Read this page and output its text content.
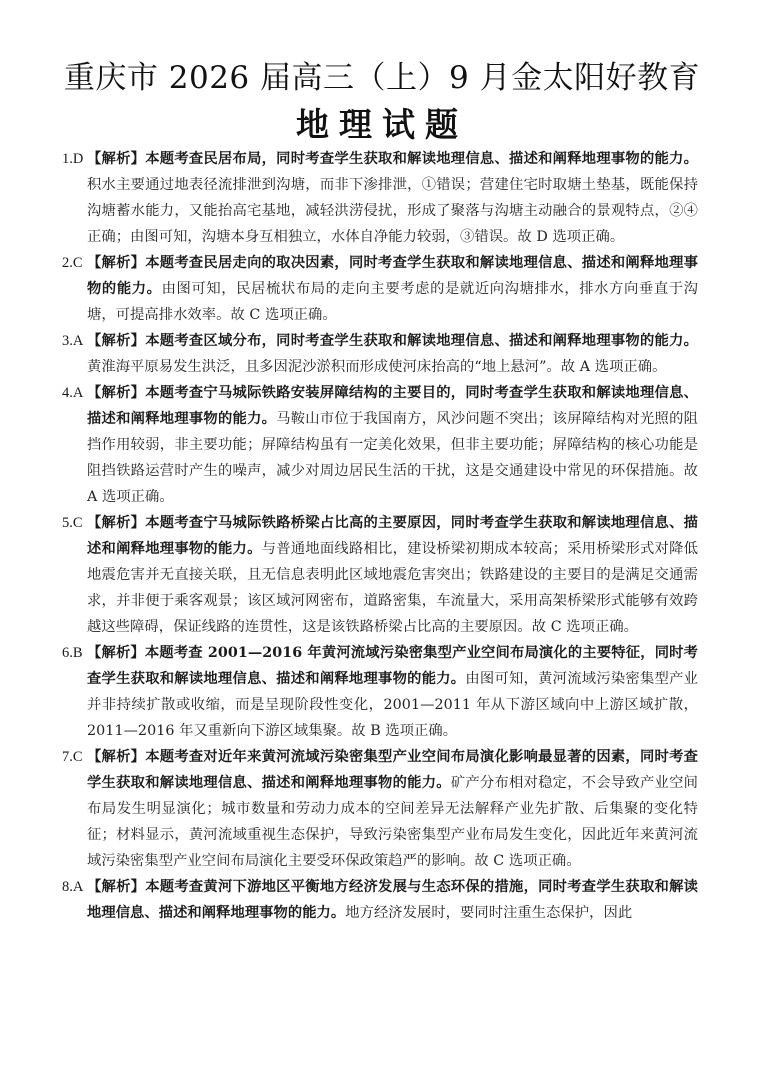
重庆市 2026 届高三（上）9 月金太阳好教育
地理试题
1.D 【解析】本题考查民居布局，同时考查学生获取和解读地理信息、描述和阐释地理事物的能力。积水主要通过地表径流排泄到沟塘，而非下渗排泄，①错误；营建住宅时取塘土垫基，既能保持沟塘蓄水能力，又能抬高宅基地，减轻洪涝侵扰，形成了聚落与沟塘主动融合的景观特点，②④正确；由图可知，沟塘本身互相独立，水体自净能力较弱，③错误。故 D 选项正确。
2.C 【解析】本题考查民居走向的取决因素，同时考查学生获取和解读地理信息、描述和阐释地理事物的能力。由图可知，民居梳状布局的走向主要考虑的是就近向沟塘排水，排水方向垂直于沟塘，可提高排水效率。故 C 选项正确。
3.A 【解析】本题考查区域分布，同时考查学生获取和解读地理信息、描述和阐释地理事物的能力。黄淮海平原易发生洪泛，且多因泥沙淤积而形成使河床抬高的“地上悬河”。故 A 选项正确。
4.A 【解析】本题考查宁马城际铁路安装屏障结构的主要目的，同时考查学生获取和解读地理信息、描述和阐释地理事物的能力。马鞍山市位于我国南方，风沙问题不突出；该屏障结构对光照的阻挡作用较弱，非主要功能；屏障结构虽有一定美化效果，但非主要功能；屏障结构的核心功能是阻挡铁路运营时产生的噪声，减少对周边居民生活的干扰，这是交通建设中常见的环保措施。故 A 选项正确。
5.C 【解析】本题考查宁马城际铁路桥梁占比高的主要原因，同时考查学生获取和解读地理信息、描述和阐释地理事物的能力。与普通地面线路相比，建设桥梁初期成本较高；采用桥梁形式对降低地震危害并无直接关联，且无信息表明此区域地震危害突出；铁路建设的主要目的是满足交通需求，并非便于乘客观景；该区域河网密布，道路密集，车流量大，采用高架桥梁形式能够有效跨越这些障碍，保证线路的连贯性，这是该铁路桥梁占比高的主要原因。故 C 选项正确。
6.B 【解析】本题考查 2001—2016 年黄河流域污染密集型产业空间布局演化的主要特征，同时考查学生获取和解读地理信息、描述和阐释地理事物的能力。由图可知，黄河流域污染密集型产业并非持续扩散或收缩，而是呈现阶段性变化，2001—2011 年从下游区域向中上游区域扩散，2011—2016 年又重新向下游区域集聚。故 B 选项正确。
7.C 【解析】本题考查对近年来黄河流域污染密集型产业空间布局演化影响最显著的因素，同时考查学生获取和解读地理信息、描述和阐释地理事物的能力。矿产分布相对稳定，不会导致产业空间布局发生明显演化；城市数量和劳动力成本的空间差异无法解释产业先扩散、后集聚的变化特征；材料显示，黄河流域重视生态保护，导致污染密集型产业布局发生变化，因此近年来黄河流域污染密集型产业空间布局演化主要受环保政策趋严的影响。故 C 选项正确。
8.A 【解析】本题考查黄河下游地区平衡地方经济发展与生态环保的措施，同时考查学生获取和解读地理信息、描述和阐释地理事物的能力。地方经济发展时，要同时注重生态保护，因此
